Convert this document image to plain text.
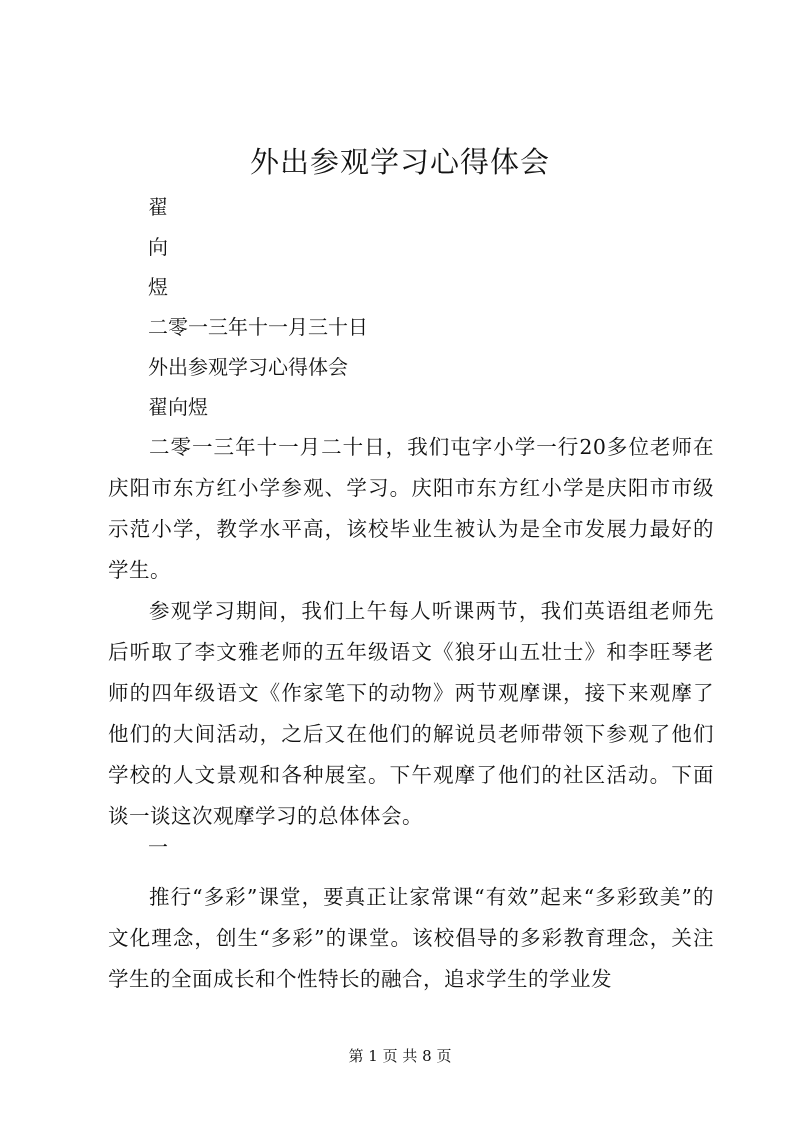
外出参观学习心得体会
翟
向
煜
二零一三年十一月三十日
外出参观学习心得体会
翟向煜

二零一三年十一月二十日，我们屯字小学一行20多位老师在庆阳市东方红小学参观、学习。庆阳市东方红小学是庆阳市市级示范小学，教学水平高，该校毕业生被认为是全市发展力最好的学生。

参观学习期间，我们上午每人听课两节，我们英语组老师先后听取了李文雅老师的五年级语文《狼牙山五壮士》和李旺琴老师的四年级语文《作家笔下的动物》两节观摩课，接下来观摩了他们的大间活动，之后又在他们的解说员老师带领下参观了他们学校的人文景观和各种展室。下午观摩了他们的社区活动。下面谈一谈这次观摩学习的总体体会。

一

推行“多彩”课堂，要真正让家常课“有效”起来“多彩致美”的文化理念，创生“多彩”的课堂。该校倡导的多彩教育理念，关注学生的全面成长和个性特长的融合，追求学生的学业发

第 1 页 共 8 页
